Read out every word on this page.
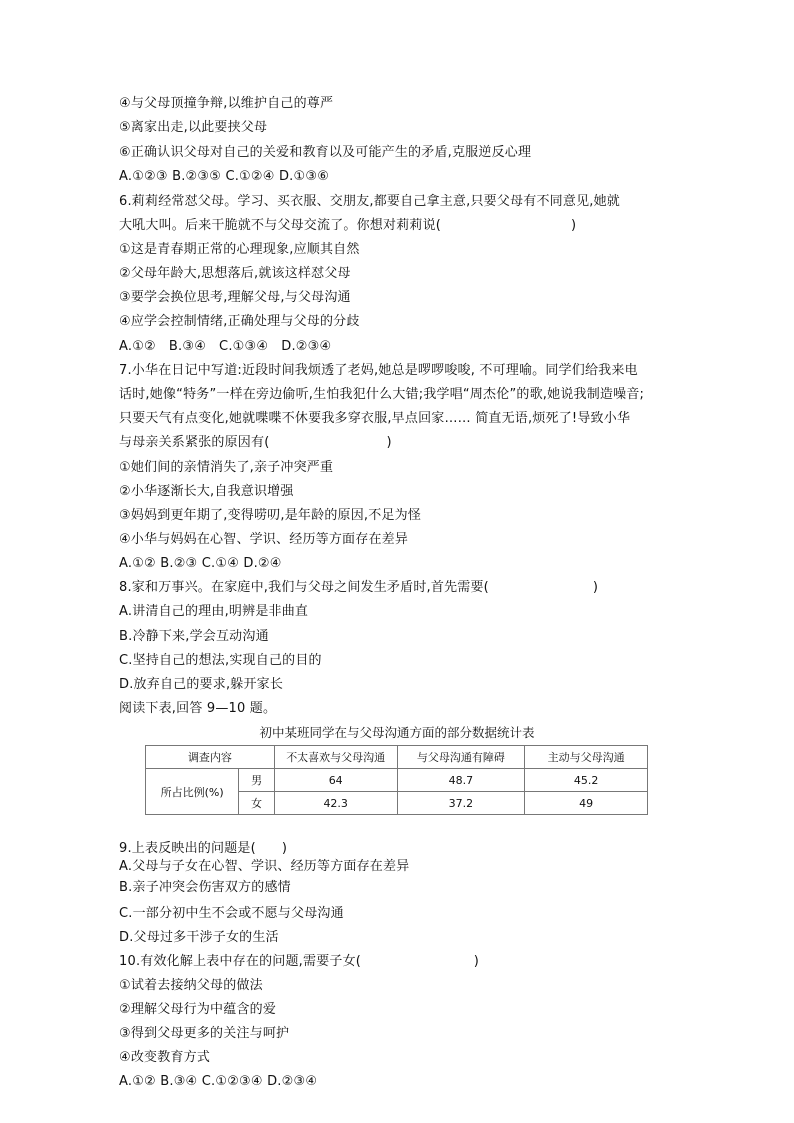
④与父母顶撞争辩,以维护自己的尊严
⑤离家出走,以此要挟父母
⑥正确认识父母对自己的关爱和教育以及可能产生的矛盾,克服逆反心理
A.①②③ B.②③⑤ C.①②④ D.①③⑥
6.莉莉经常怼父母。学习、买衣服、交朋友,都要自己拿主意,只要父母有不同意见,她就
大吼大叫。后来干脆就不与父母交流了。你想对莉莉说(                              )
①这是青春期正常的心理现象,应顺其自然
②父母年龄大,思想落后,就该这样怼父母
③要学会换位思考,理解父母,与父母沟通
④应学会控制情绪,正确处理与父母的分歧
A.①②   B.③④   C.①③④   D.②③④
7.小华在日记中写道:近段时间我烦透了老妈,她总是啰啰唆唆, 不可理喻。同学们给我来电
话时,她像“特务”一样在旁边偷听,生怕我犯什么大错;我学唱“周杰伦”的歌,她说我制造噪音;
只要天气有点变化,她就喋喋不休要我多穿衣服,早点回家…… 简直无语,烦死了!导致小华
与母亲关系紧张的原因有(                           )
①她们间的亲情消失了,亲子冲突严重
②小华逐渐长大,自我意识增强
③妈妈到更年期了,变得唠叨,是年龄的原因,不足为怪
④小华与妈妈在心智、学识、经历等方面存在差异
A.①② B.②③ C.①④ D.②④
8.家和万事兴。在家庭中,我们与父母之间发生矛盾时,首先需要(                        )
A.讲清自己的理由,明辨是非曲直
B.冷静下来,学会互动沟通
C.坚持自己的想法,实现自己的目的
D.放弃自己的要求,躲开家长
阅读下表,回答 9—10 题。
初中某班同学在与父母沟通方面的部分数据统计表
调查内容		不太喜欢与父母沟通	与父母沟通有障碍	主动与父母沟通
所占比例(%)	男	64	48.7	45.2
	女	42.3	37.2	49
9.上表反映出的问题是(      )
A.父母与子女在心智、学识、经历等方面存在差异
B.亲子冲突会伤害双方的感情
C.一部分初中生不会或不愿与父母沟通
D.父母过多干涉子女的生活
10.有效化解上表中存在的问题,需要子女(                          )
①试着去接纳父母的做法
②理解父母行为中蕴含的爱
③得到父母更多的关注与呵护
④改变教育方式
A.①② B.③④ C.①②③④ D.②③④
